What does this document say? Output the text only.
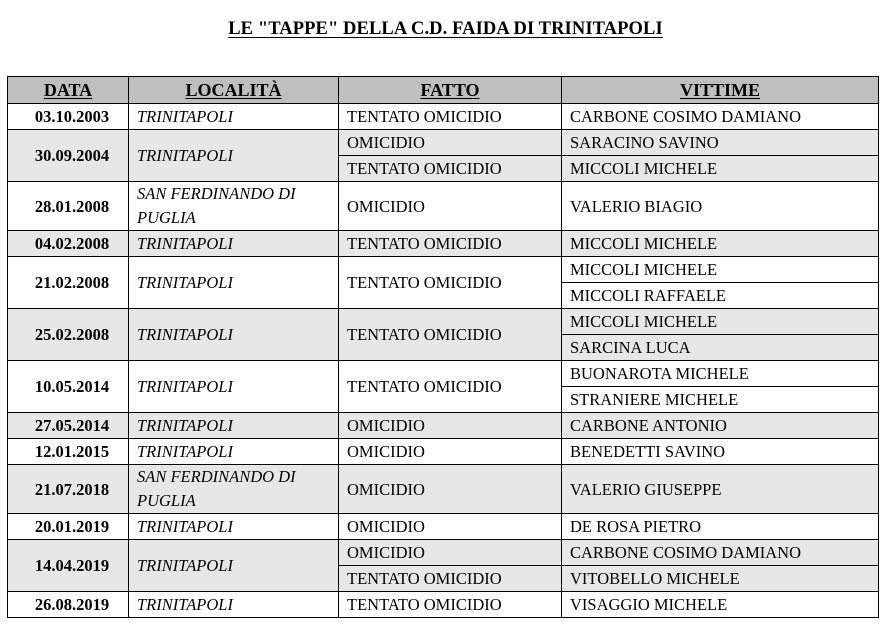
LE "TAPPE" DELLA C.D. FAIDA DI TRINITAPOLI
DATA	LOCALITÀ	FATTO	VITTIME
03.10.2003	TRINITAPOLI	TENTATO OMICIDIO	CARBONE COSIMO DAMIANO
30.09.2004	TRINITAPOLI	OMICIDIO	SARACINO SAVINO
		TENTATO OMICIDIO	MICCOLI MICHELE
28.01.2008	SAN FERDINANDO DI PUGLIA	OMICIDIO	VALERIO BIAGIO
04.02.2008	TRINITAPOLI	TENTATO OMICIDIO	MICCOLI MICHELE
21.02.2008	TRINITAPOLI	TENTATO OMICIDIO	MICCOLI MICHELE
			MICCOLI RAFFAELE
25.02.2008	TRINITAPOLI	TENTATO OMICIDIO	MICCOLI MICHELE
			SARCINA LUCA
10.05.2014	TRINITAPOLI	TENTATO OMICIDIO	BUONAROTA MICHELE
			STRANIERE MICHELE
27.05.2014	TRINITAPOLI	OMICIDIO	CARBONE ANTONIO
12.01.2015	TRINITAPOLI	OMICIDIO	BENEDETTI SAVINO
21.07.2018	SAN FERDINANDO DI PUGLIA	OMICIDIO	VALERIO GIUSEPPE
20.01.2019	TRINITAPOLI	OMICIDIO	DE ROSA PIETRO
14.04.2019	TRINITAPOLI	OMICIDIO	CARBONE COSIMO DAMIANO
		TENTATO OMICIDIO	VITOBELLO MICHELE
26.08.2019	TRINITAPOLI	TENTATO OMICIDIO	VISAGGIO MICHELE
